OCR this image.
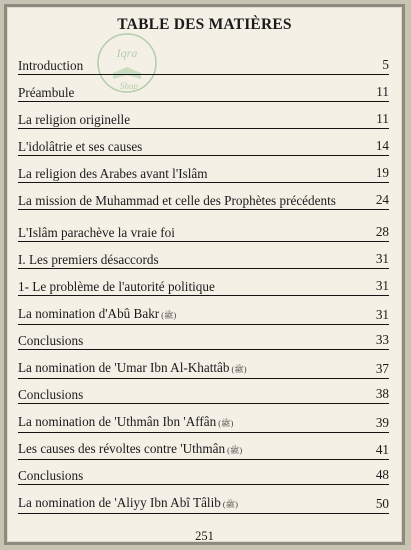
Iqra
Shop
TABLE DES MATIÈRES
Introduction	5
Préambule	11
La religion originelle	11
L'idolâtrie et ses causes	14
La religion des Arabes avant l'Islâm	19
La mission de Muhammad et celle des Prophètes précédents	24
L'Islâm parachève la vraie foi	28
I. Les premiers désaccords	31
1- Le problème de l'autorité politique	31
La nomination d'Abû Bakr (ﷺ)	31
Conclusions	33
La nomination de 'Umar Ibn Al-Khattâb (ﷺ)	37
Conclusions	38
La nomination de 'Uthmân Ibn 'Affân (ﷺ)	39
Les causes des révoltes contre 'Uthmân (ﷺ)	41
Conclusions	48
La nomination de 'Aliyy Ibn Abî Tâlib (ﷺ)	50
251
